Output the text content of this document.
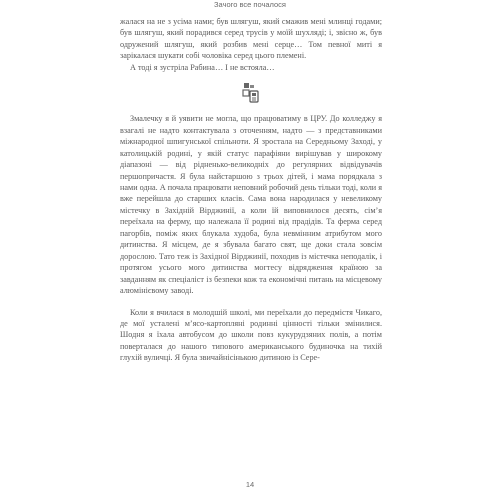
Зачого все почалося

жалася на не з усіма нами; був шлягуш, який смажив мені млинці годами; був шлягуш, який порадився серед трусів у моїй шухляді; і, звісно ж, був одружений шлягуш, який розбив мені серце… Том певної миті я зарікалася шукати собі чоловіка серед цього племені.

А тоді я зустріла Рабина… І не встояла…

Змалечку я й уявити не могла, що працюватиму в ЦРУ. До колледжу я взагалі не надто контактувала з оточенням, надто — з представниками міжнародної шпигунської спільноти. Я зростала на Середньому Заході, у католицькій родині, у якій статус парафіяни вирішував у широкому діапазоні — від рідненько-великодніх до регулярних відвідувачів першопричастя. Я була найстаршою з трьох дітей, і мама порядкала з нами одна. А почала працювати неповний робочий день тільки тоді, коли я вже перейшла до старших класів. Сама вона народилася у невеликому містечку в Західній Вірджинії, а коли їй виповнилося десять, сім’я переїхала на ферму, що належала її родині від прадідів. Та ферма серед пагорбів, поміж яких блукала худоба, була невмінним атрибутом мого дитинства. Я місцем, де я збувала багато свят, ще доки стала зовсім дорослою. Тато теж із Західної Вірджинії, походив із містечка неподалік, і протягом усього мого дитинства могтесу відрядження країною за завданням як спеціаліст із безпеки кож та економічні питань на місцевому алюмінієвому заводі.

Коли я вчилася в молодшій школі, ми переїхали до передмістя Чикаго, де мої усталені м’ясо-картопляні родинні цінності тільки змінилися. Шодня я їхала автобусом до школи повз кукурудзяних полів, а потім поверталася до нашого типового американського будиночка на тихій глухій вуличці. Я була звичайнісінькою дитиною із Сере-

14
